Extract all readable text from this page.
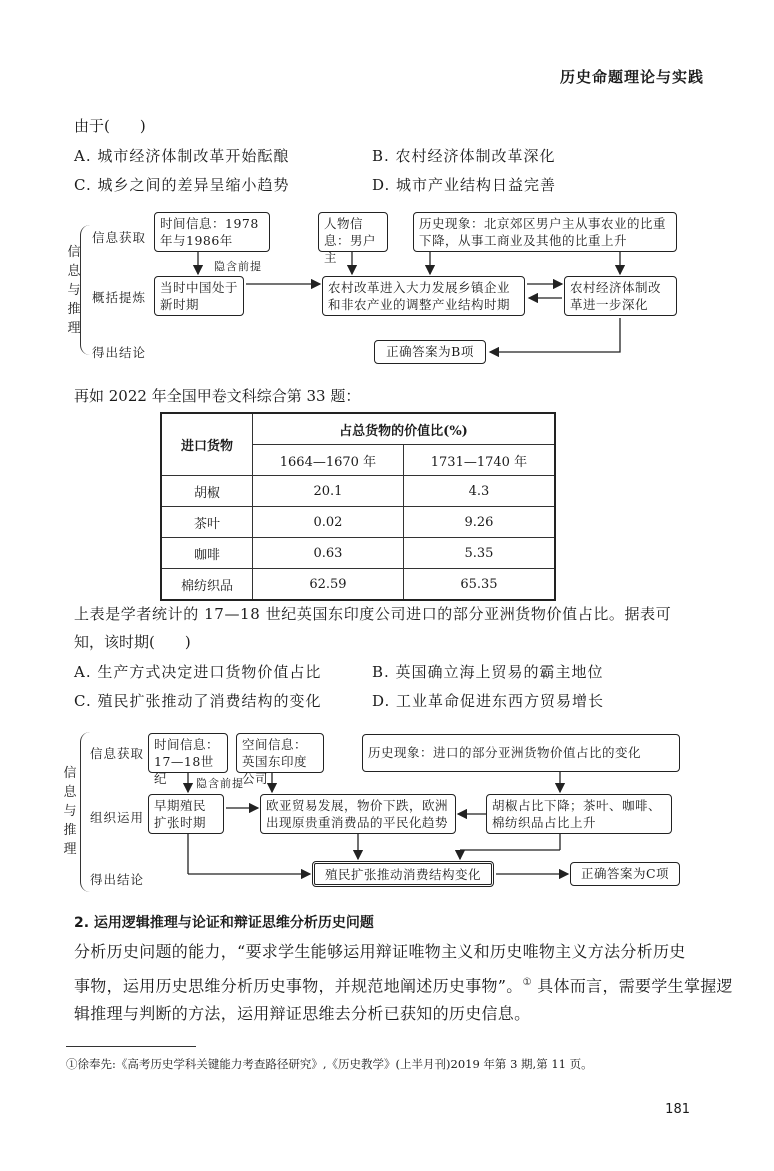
历史命题理论与实践
由于(　　)
A. 城市经济体制改革开始酝酿	B. 农村经济体制改革深化
C. 城乡之间的差异呈缩小趋势	D. 城市产业结构日益完善
信
息
与
推
理
信息获取
概括提炼
得出结论
时间信息：1978年与1986年
人物信息：男户主
历史现象：北京郊区男户主从事农业的比重下降，从事工商业及其他的比重上升
隐含前提
当时中国处于新时期
农村改革进入大力发展乡镇企业和非农产业的调整产业结构时期
农村经济体制改革进一步深化
正确答案为B项
再如 2022 年全国甲卷文科综合第 33 题：
进口货物	占总货物的价值比(%)	
	1664—1670 年	1731—1740 年
胡椒	20.1	4.3
茶叶	0.02	9.26
咖啡	0.63	5.35
棉纺织品	62.59	65.35
上表是学者统计的 17—18 世纪英国东印度公司进口的部分亚洲货物价值占比。据表可
知，该时期(　　)
A. 生产方式决定进口货物价值占比	B. 英国确立海上贸易的霸主地位
C. 殖民扩张推动了消费结构的变化	D. 工业革命促进东西方贸易增长
信
息
与
推
理
信息获取
组织运用
得出结论
时间信息：17—18世纪
空间信息：英国东印度公司
历史现象：进口的部分亚洲货物价值占比的变化
隐含前提
早期殖民扩张时期
欧亚贸易发展，物价下跌，欧洲出现原贵重消费品的平民化趋势
胡椒占比下降；茶叶、咖啡、棉纺织品占比上升
殖民扩张推动消费结构变化	正确答案为C项
2. 运用逻辑推理与论证和辩证思维分析历史问题
分析历史问题的能力，“要求学生能够运用辩证唯物主义和历史唯物主义方法分析历史
事物，运用历史思维分析历史事物，并规范地阐述历史事物”。① 具体而言，需要学生掌握逻
辑推理与判断的方法，运用辩证思维去分析已获知的历史信息。
①徐奉先:《高考历史学科关键能力考查路径研究》,《历史教学》(上半月刊)2019 年第 3 期,第 11 页。
181
